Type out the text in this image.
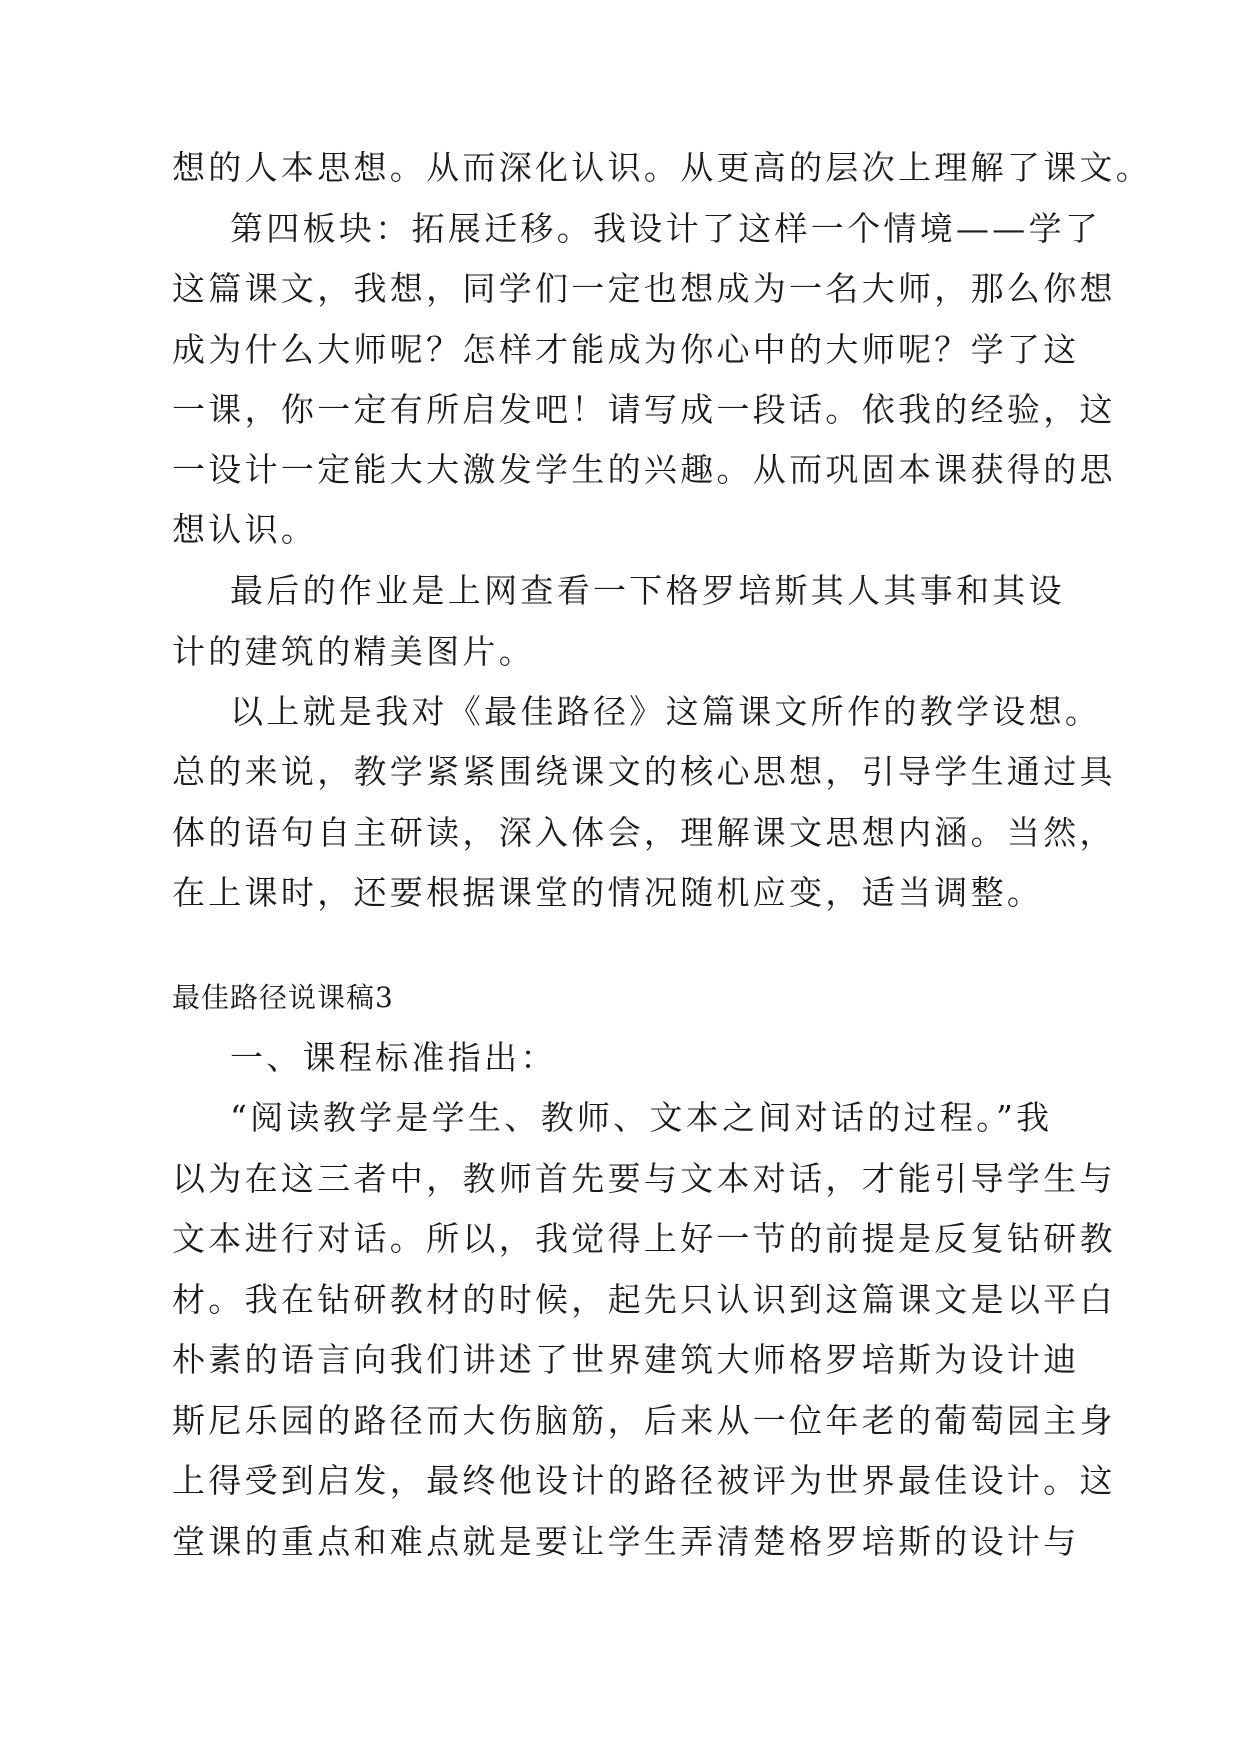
想的人本思想。从而深化认识。从更高的层次上理解了课文。

第四板块：拓展迁移。我设计了这样一个情境——学了

这篇课文，我想，同学们一定也想成为一名大师，那么你想

成为什么大师呢？怎样才能成为你心中的大师呢？学了这

一课，你一定有所启发吧！请写成一段话。依我的经验，这

一设计一定能大大激发学生的兴趣。从而巩固本课获得的思

想认识。

最后的作业是上网查看一下格罗培斯其人其事和其设

计的建筑的精美图片。

以上就是我对《最佳路径》这篇课文所作的教学设想。

总的来说，教学紧紧围绕课文的核心思想，引导学生通过具

体的语句自主研读，深入体会，理解课文思想内涵。当然，

在上课时，还要根据课堂的情况随机应变，适当调整。

最佳路径说课稿3

一、课程标准指出：

“阅读教学是学生、教师、文本之间对话的过程。”我

以为在这三者中，教师首先要与文本对话，才能引导学生与

文本进行对话。所以，我觉得上好一节的前提是反复钻研教

材。我在钻研教材的时候，起先只认识到这篇课文是以平白

朴素的语言向我们讲述了世界建筑大师格罗培斯为设计迪

斯尼乐园的路径而大伤脑筋，后来从一位年老的葡萄园主身

上得受到启发，最终他设计的路径被评为世界最佳设计。这

堂课的重点和难点就是要让学生弄清楚格罗培斯的设计与
